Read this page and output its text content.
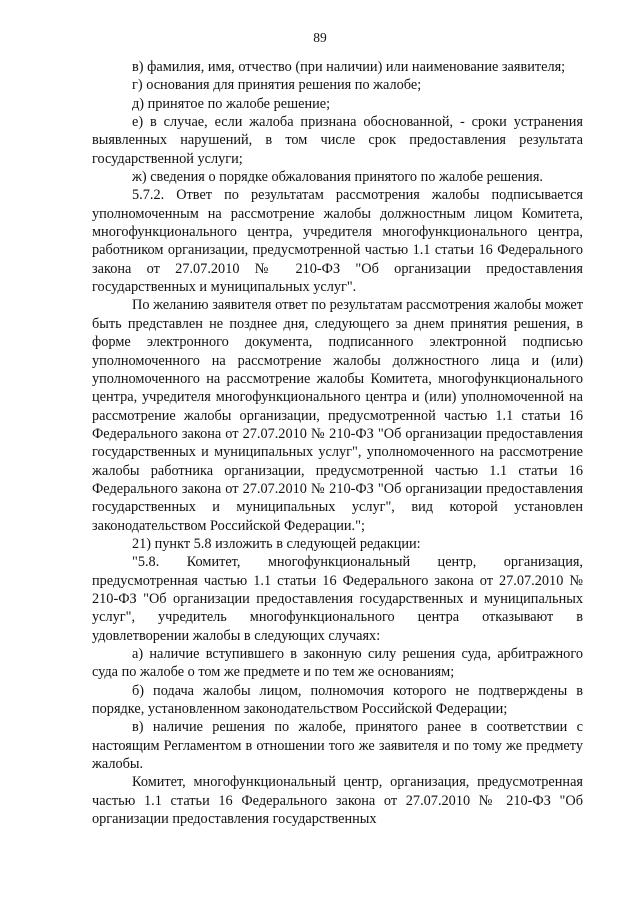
89

в) фамилия, имя, отчество (при наличии) или наименование заявителя;

г) основания для принятия решения по жалобе;

д) принятое по жалобе решение;

е) в случае, если жалоба признана обоснованной, - сроки устранения выявленных нарушений, в том числе срок предоставления результата государственной услуги;

ж) сведения о порядке обжалования принятого по жалобе решения.

5.7.2. Ответ по результатам рассмотрения жалобы подписывается уполномоченным на рассмотрение жалобы должностным лицом Комитета, многофункционального центра, учредителя многофункционального центра, работником организации, предусмотренной частью 1.1 статьи 16 Федерального закона от 27.07.2010 № 210-ФЗ "Об организации предоставления государственных и муниципальных услуг".

По желанию заявителя ответ по результатам рассмотрения жалобы может быть представлен не позднее дня, следующего за днем принятия решения, в форме электронного документа, подписанного электронной подписью уполномоченного на рассмотрение жалобы должностного лица и (или) уполномоченного на рассмотрение жалобы Комитета, многофункционального центра, учредителя многофункционального центра и (или) уполномоченной на рассмотрение жалобы организации, предусмотренной частью 1.1 статьи 16 Федерального закона от 27.07.2010 № 210-ФЗ "Об организации предоставления государственных и муниципальных услуг", уполномоченного на рассмотрение жалобы работника организации, предусмотренной частью 1.1 статьи 16 Федерального закона от 27.07.2010 № 210-ФЗ "Об организации предоставления государственных и муниципальных услуг", вид которой установлен законодательством Российской Федерации.";

21) пункт 5.8 изложить в следующей редакции:

"5.8. Комитет, многофункциональный центр, организация, предусмотренная частью 1.1 статьи 16 Федерального закона от 27.07.2010 № 210-ФЗ "Об организации предоставления государственных и муниципальных услуг", учредитель многофункционального центра отказывают в удовлетворении жалобы в следующих случаях:

а) наличие вступившего в законную силу решения суда, арбитражного суда по жалобе о том же предмете и по тем же основаниям;

б) подача жалобы лицом, полномочия которого не подтверждены в порядке, установленном законодательством Российской Федерации;

в) наличие решения по жалобе, принятого ранее в соответствии с настоящим Регламентом в отношении того же заявителя и по тому же предмету жалобы.

Комитет, многофункциональный центр, организация, предусмотренная частью 1.1 статьи 16 Федерального закона от 27.07.2010 № 210-ФЗ "Об организации предоставления государственных
